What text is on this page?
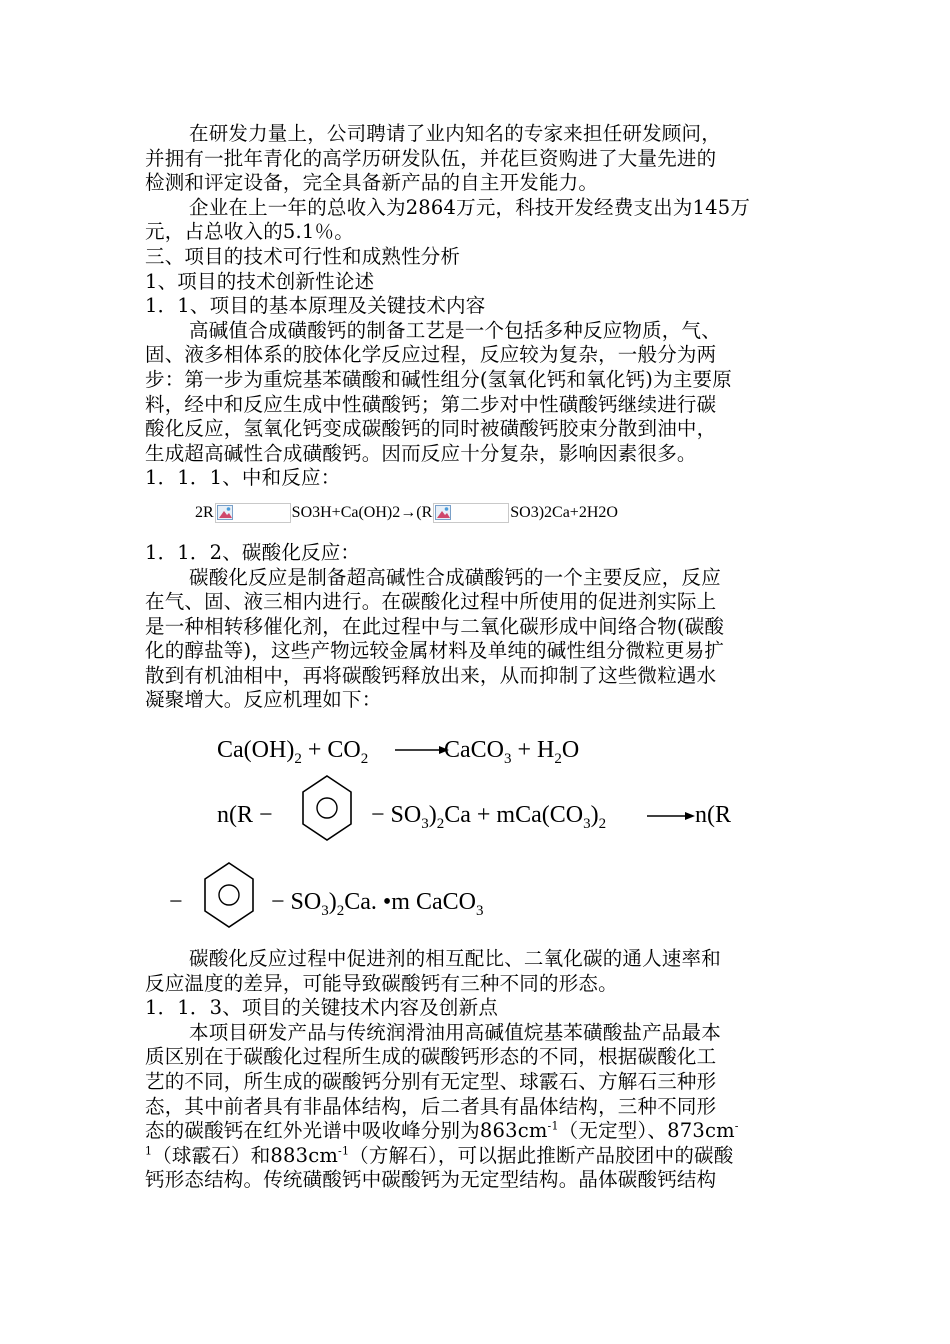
在研发力量上，公司聘请了业内知名的专家来担任研发顾问，
并拥有一批年青化的高学历研发队伍，并花巨资购进了大量先进的
检测和评定设备，完全具备新产品的自主开发能力。
企业在上一年的总收入为2864万元，科技开发经费支出为145万
元，占总收入的5.1％。
三、项目的技术可行性和成熟性分析
1、项目的技术创新性论述
1．1、项目的基本原理及关键技术内容
高碱值合成磺酸钙的制备工艺是一个包括多种反应物质，气、
固、液多相体系的胶体化学反应过程，反应较为复杂，一般分为两
步：第一步为重烷基苯磺酸和碱性组分(氢氧化钙和氧化钙)为主要原
料，经中和反应生成中性磺酸钙；第二步对中性磺酸钙继续进行碳
酸化反应，氢氧化钙变成碳酸钙的同时被磺酸钙胶束分散到油中，
生成超高碱性合成磺酸钙。因而反应十分复杂，影响因素很多。
1．1．1、中和反应：
2R	SO3H+Ca(OH)2→(R	SO3)2Ca+2H2O
1．1．2、碳酸化反应：
碳酸化反应是制备超高碱性合成磺酸钙的一个主要反应，反应
在气、固、液三相内进行。在碳酸化过程中所使用的促进剂实际上
是一种相转移催化剂，在此过程中与二氧化碳形成中间络合物(碳酸
化的醇盐等)，这些产物远较金属材料及单纯的碱性组分微粒更易扩
散到有机油相中，再将碳酸钙释放出来，从而抑制了这些微粒遇水
凝聚增大。反应机理如下：
$Ca(OH)_2 + CO_2$	CaCO$_3$ + $H_2O$
n(R −	− $SO_3)_2Ca + mCa(CO_3)_2$	n(R
−	− $SO_3)_2Ca$. •m CaCO$_3$
碳酸化反应过程中促进剂的相互配比、二氧化碳的通人速率和
反应温度的差异，可能导致碳酸钙有三种不同的形态。
1．1．3、项目的关键技术内容及创新点
本项目研发产品与传统润滑油用高碱值烷基苯磺酸盐产品最本
质区别在于碳酸化过程所生成的碳酸钙形态的不同，根据碳酸化工
艺的不同，所生成的碳酸钙分别有无定型、球霰石、方解石三种形
态，其中前者具有非晶体结构，后二者具有晶体结构，三种不同形
态的碳酸钙在红外光谱中吸收峰分别为$863cm^{-1}$（无定型）、873cm-
$^1$（球霰石）和$883cm^{-1}$（方解石），可以据此推断产品胶团中的碳酸
钙形态结构。传统磺酸钙中碳酸钙为无定型结构。晶体碳酸钙结构
